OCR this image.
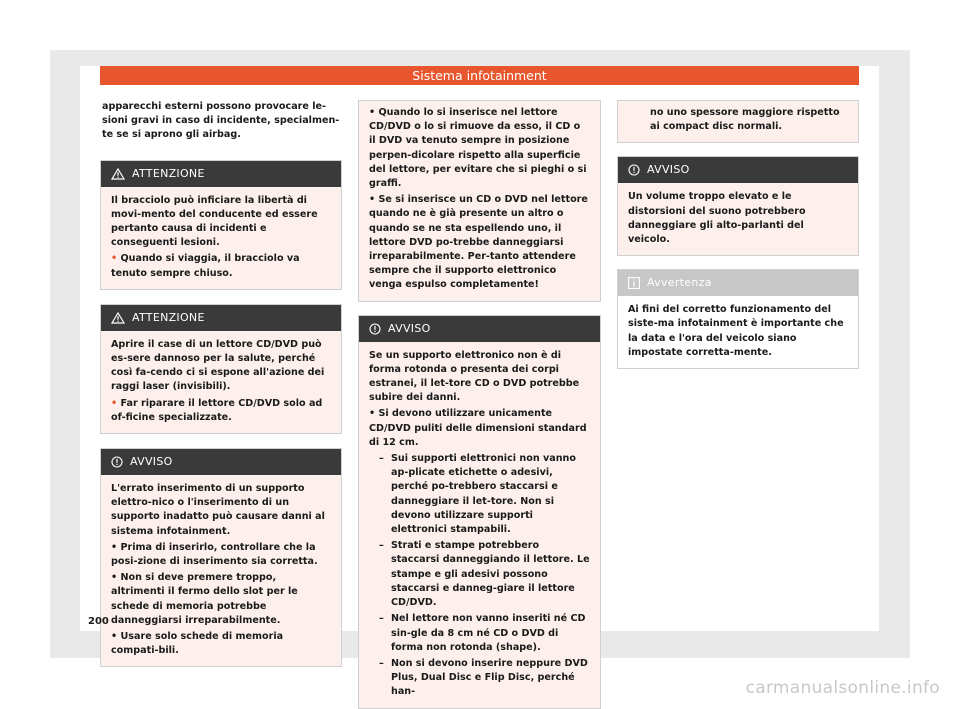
Sistema infotainment

apparecchi esterni possono provocare le-sioni gravi in caso di incidente, specialmen-te se si aprono gli airbag.

ATTENZIONE

Il bracciolo può inficiare la libertà di movi-mento del conducente ed essere pertanto causa di incidenti e conseguenti lesioni.

• Quando si viaggia, il bracciolo va tenuto sempre chiuso.

ATTENZIONE

Aprire il case di un lettore CD/DVD può es-sere dannoso per la salute, perché così fa-cendo ci si espone all'azione dei raggi laser (invisibili).

• Far riparare il lettore CD/DVD solo ad of-ficine specializzate.

AVVISO

L'errato inserimento di un supporto elettro-nico o l'inserimento di un supporto inadatto può causare danni al sistema infotainment.

• Prima di inserirlo, controllare che la posi-zione di inserimento sia corretta.

• Non si deve premere troppo, altrimenti il fermo dello slot per le schede di memoria potrebbe danneggiarsi irreparabilmente.

• Usare solo schede di memoria compati-bili.

• Quando lo si inserisce nel lettore CD/DVD o lo si rimuove da esso, il CD o il DVD va tenuto sempre in posizione perpen-dicolare rispetto alla superficie del lettore, per evitare che si pieghi o si graffi.

• Se si inserisce un CD o DVD nel lettore quando ne è già presente un altro o quando se ne sta espellendo uno, il lettore DVD po-trebbe danneggiarsi irreparabilmente. Per-tanto attendere sempre che il supporto elettronico venga espulso completamente!

AVVISO

Se un supporto elettronico non è di forma rotonda o presenta dei corpi estranei, il let-tore CD o DVD potrebbe subire dei danni.

• Si devono utilizzare unicamente CD/DVD puliti delle dimensioni standard di 12 cm.

– Sui supporti elettronici non vanno ap-plicate etichette o adesivi, perché po-trebbero staccarsi e danneggiare il let-tore. Non si devono utilizzare supporti elettronici stampabili.
– Strati e stampe potrebbero staccarsi danneggiando il lettore. Le stampe e gli adesivi possono staccarsi e danneg-giare il lettore CD/DVD.
– Nel lettore non vanno inseriti né CD sin-gle da 8 cm né CD o DVD di forma non rotonda (shape).
– Non si devono inserire neppure DVD Plus, Dual Disc e Flip Disc, perché han-

no uno spessore maggiore rispetto ai compact disc normali.

AVVISO

Un volume troppo elevato e le distorsioni del suono potrebbero danneggiare gli alto-parlanti del veicolo.

Avvertenza

Ai fini del corretto funzionamento del siste-ma infotainment è importante che la data e l'ora del veicolo siano impostate corretta-mente.

200
carmanualsonline.info
